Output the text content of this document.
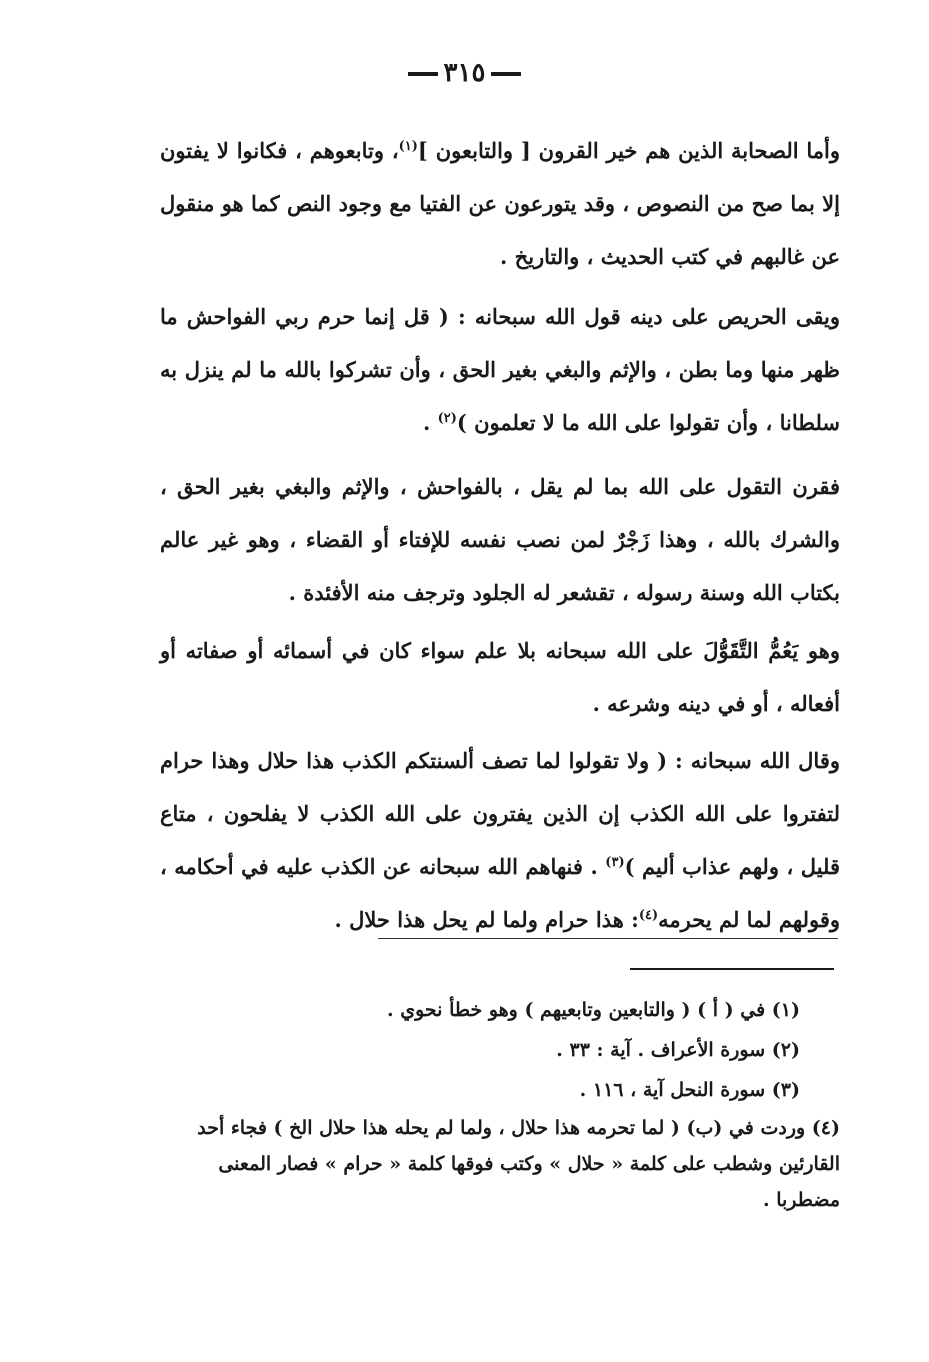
٣١٥

وأما الصحابة الذين هم خير القرون [ والتابعون ]$^{(١)}$، وتابعوهم ، فكانوا لا يفتون إلا بما صح من النصوص ، وقد يتورعون عن الفتيا مع وجود النص كما هو منقول عن غالبهم في كتب الحديث ، والتاريخ .

ويقى الحريص على دينه قول الله سبحانه : ( قل إنما حرم ربي الفواحش ما ظهر منها وما بطن ، والإثم والبغي بغير الحق ، وأن تشركوا بالله ما لم ينزل به سلطانا ، وأن تقولوا على الله ما لا تعلمون )$^{(٢)}$ .

فقرن التقول على الله بما لم يقل ، بالفواحش ، والإثم والبغي بغير الحق ، والشرك بالله ، وهذا زَجْرٌ لمن نصب نفسه للإفتاء أو القضاء ، وهو غير عالم بكتاب الله وسنة رسوله ، تقشعر له الجلود وترجف منه الأفئدة .

وهو يَعُمُّ التَّقَوُّلَ على الله سبحانه بلا علم سواء كان في أسمائه أو صفاته أو أفعاله ، أو في دينه وشرعه .

وقال الله سبحانه : ( ولا تقولوا لما تصف ألسنتكم الكذب هذا حلال وهذا حرام لتفتروا على الله الكذب إن الذين يفترون على الله الكذب لا يفلحون ، متاع قليل ، ولهم عذاب أليم )$^{(٣)}$ . فنهاهم الله سبحانه عن الكذب عليه في أحكامه ، وقولهم لما لم يحرمه$^{(٤)}$: هذا حرام ولما لم يحل هذا حلال .

(١) في ( أ ) ( والتابعين وتابعيهم ) وهو خطأ نحوي .
(٢) سورة الأعراف . آية : ٣٣ .
(٣) سورة النحل آية ، ١١٦ .
(٤) وردت في (ب) ( لما تحرمه هذا حلال ، ولما لم يحله هذا حلال الخ ) فجاء أحد القارئين وشطب على كلمة « حلال » وكتب فوقها كلمة « حرام » فصار المعنى مضطربا .
